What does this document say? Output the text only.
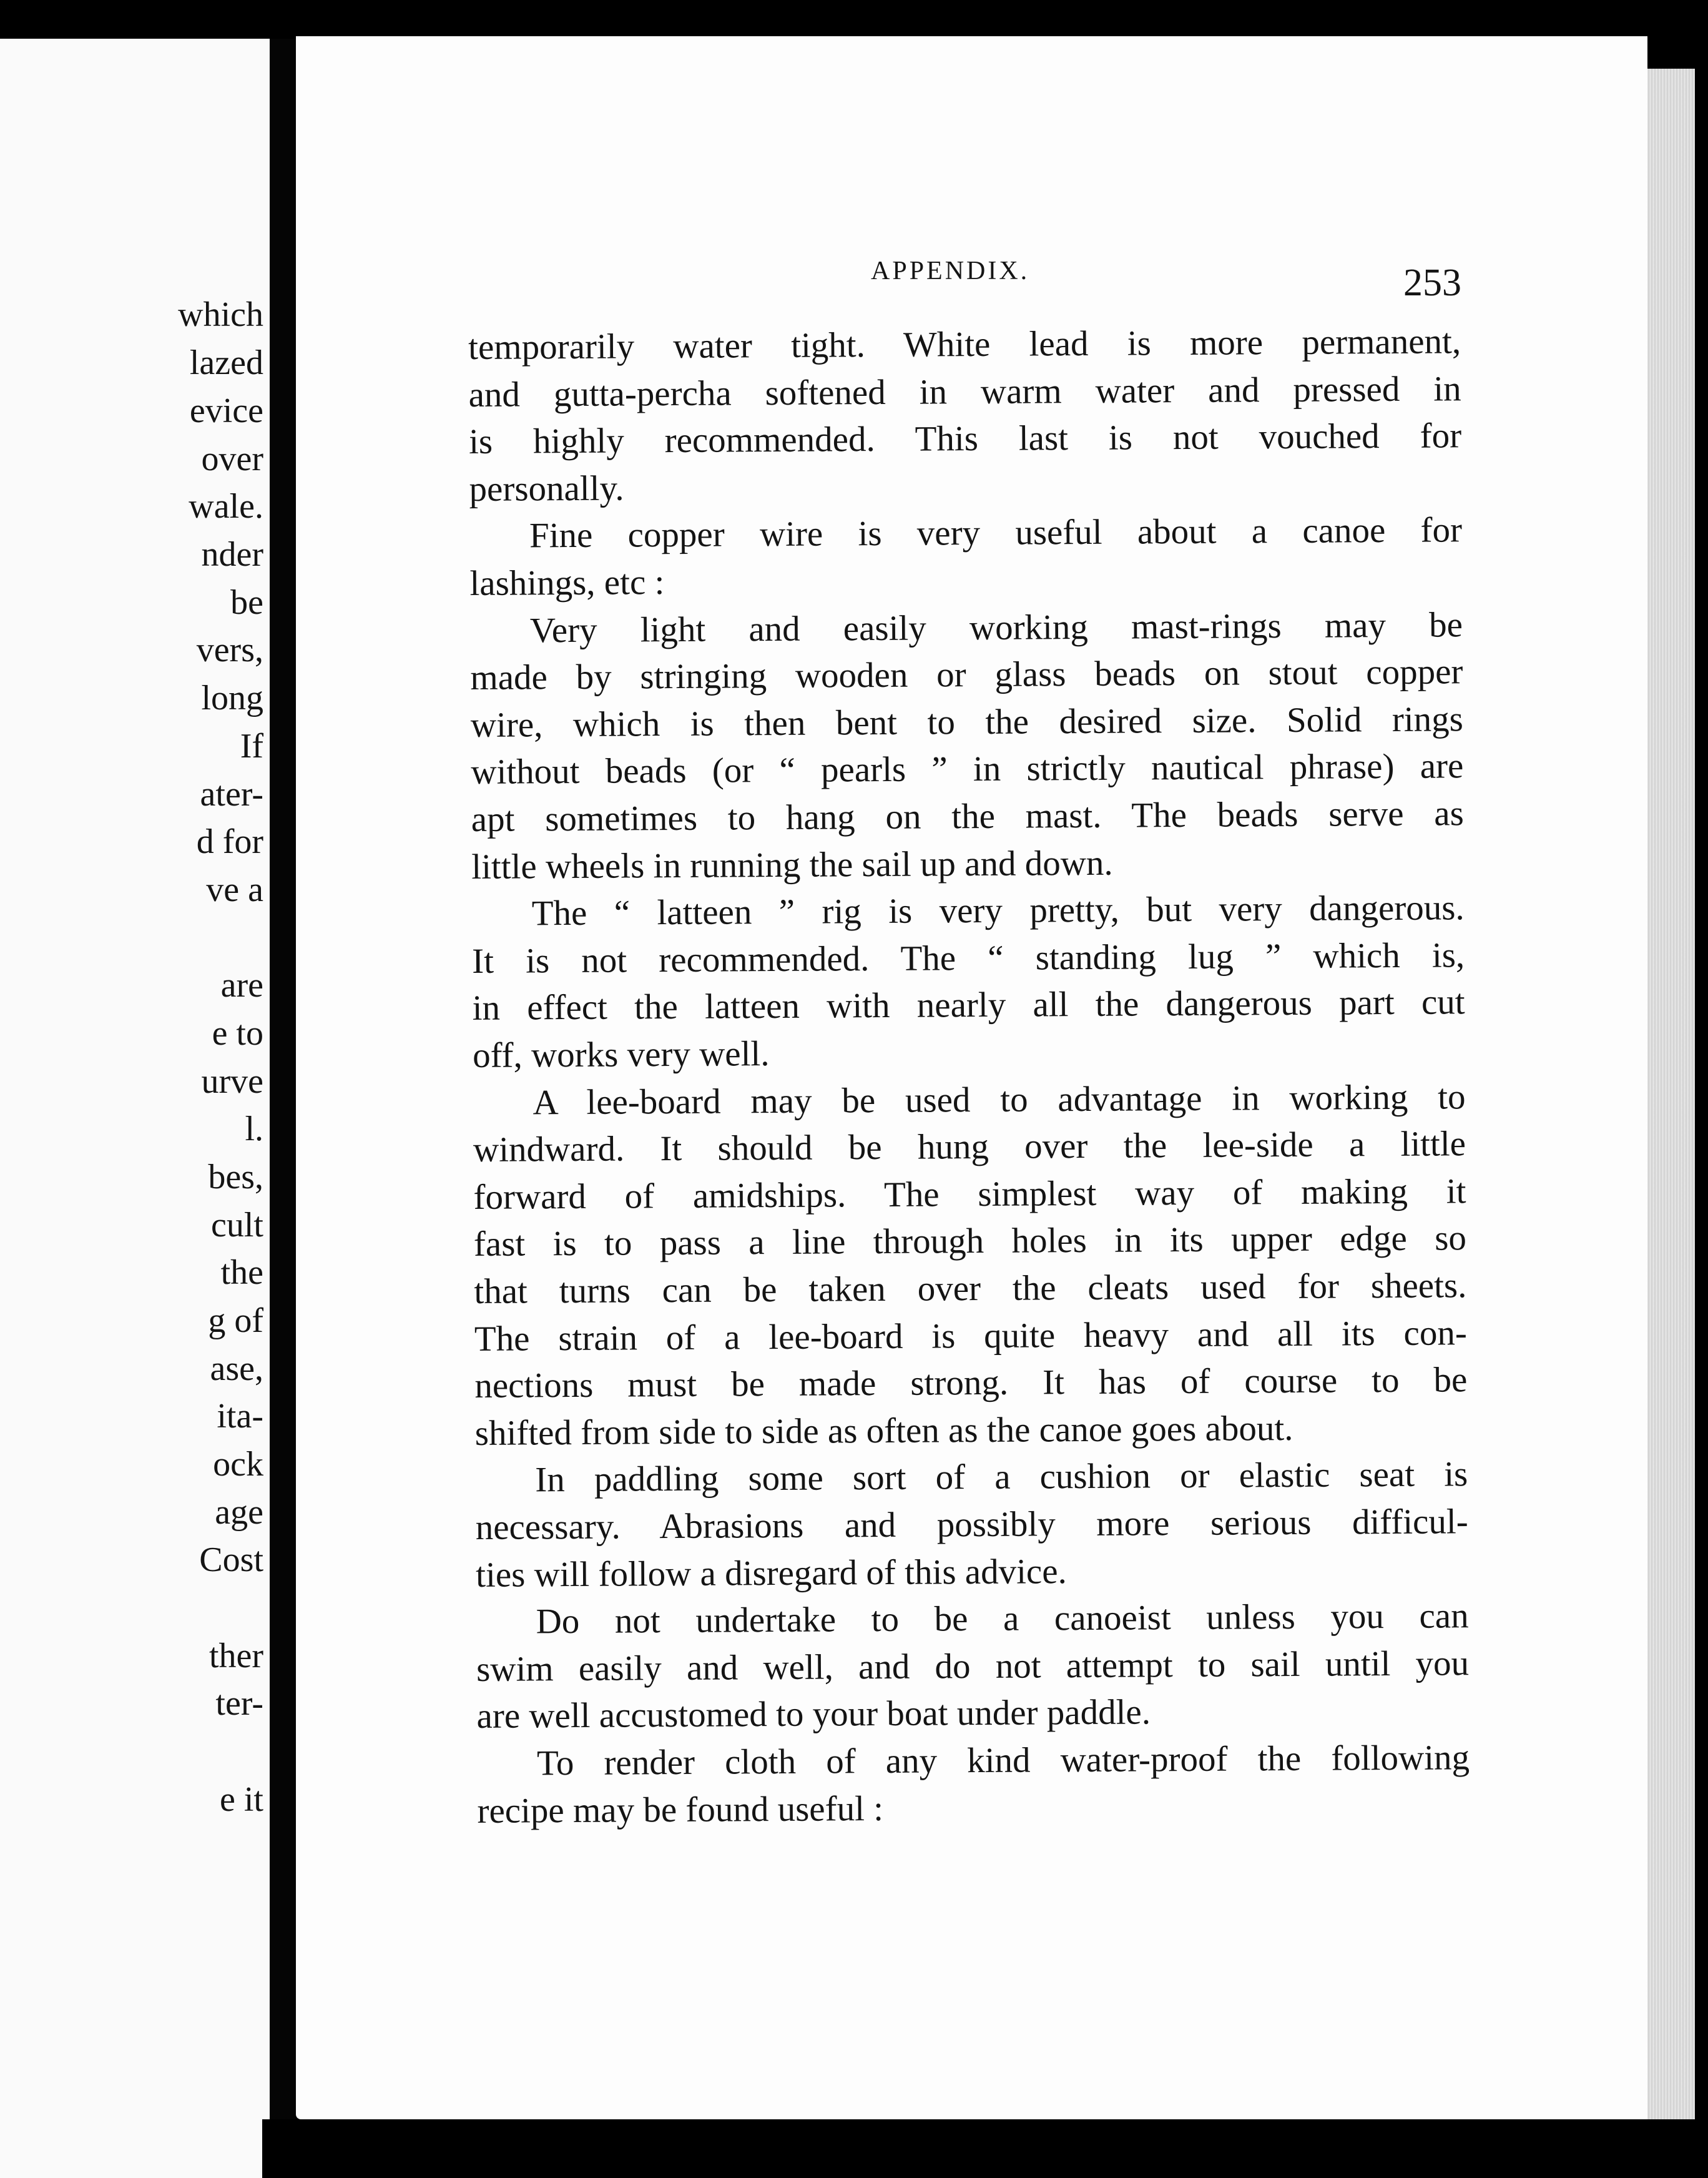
which
lazed
evice
over
wale.
nder
be
vers,
long
If
ater-
d for
ve a
are
e to
urve
l.
bes,
cult
the
g of
ase,
ita-
ock
age
Cost
ther
ter-
e it
APPENDIX.	253
temporarily water tight. White lead is more permanent,
and gutta-percha softened in warm water and pressed in
is highly recommended. This last is not vouched for
personally.
Fine copper wire is very useful about a canoe for
lashings, etc :
Very light and easily working mast-rings may be
made by stringing wooden or glass beads on stout copper
wire, which is then bent to the desired size. Solid rings
without beads (or “ pearls ” in strictly nautical phrase) are
apt sometimes to hang on the mast. The beads serve as
little wheels in running the sail up and down.
The “ latteen ” rig is very pretty, but very dangerous.
It is not recommended. The “ standing lug ” which is,
in effect the latteen with nearly all the dangerous part cut
off, works very well.
A lee-board may be used to advantage in working to
windward. It should be hung over the lee-side a little
forward of amidships. The simplest way of making it
fast is to pass a line through holes in its upper edge so
that turns can be taken over the cleats used for sheets.
The strain of a lee-board is quite heavy and all its con-
nections must be made strong. It has of course to be
shifted from side to side as often as the canoe goes about.
In paddling some sort of a cushion or elastic seat is
necessary. Abrasions and possibly more serious difficul-
ties will follow a disregard of this advice.
Do not undertake to be a canoeist unless you can
swim easily and well, and do not attempt to sail until you
are well accustomed to your boat under paddle.
To render cloth of any kind water-proof the following
recipe may be found useful :
